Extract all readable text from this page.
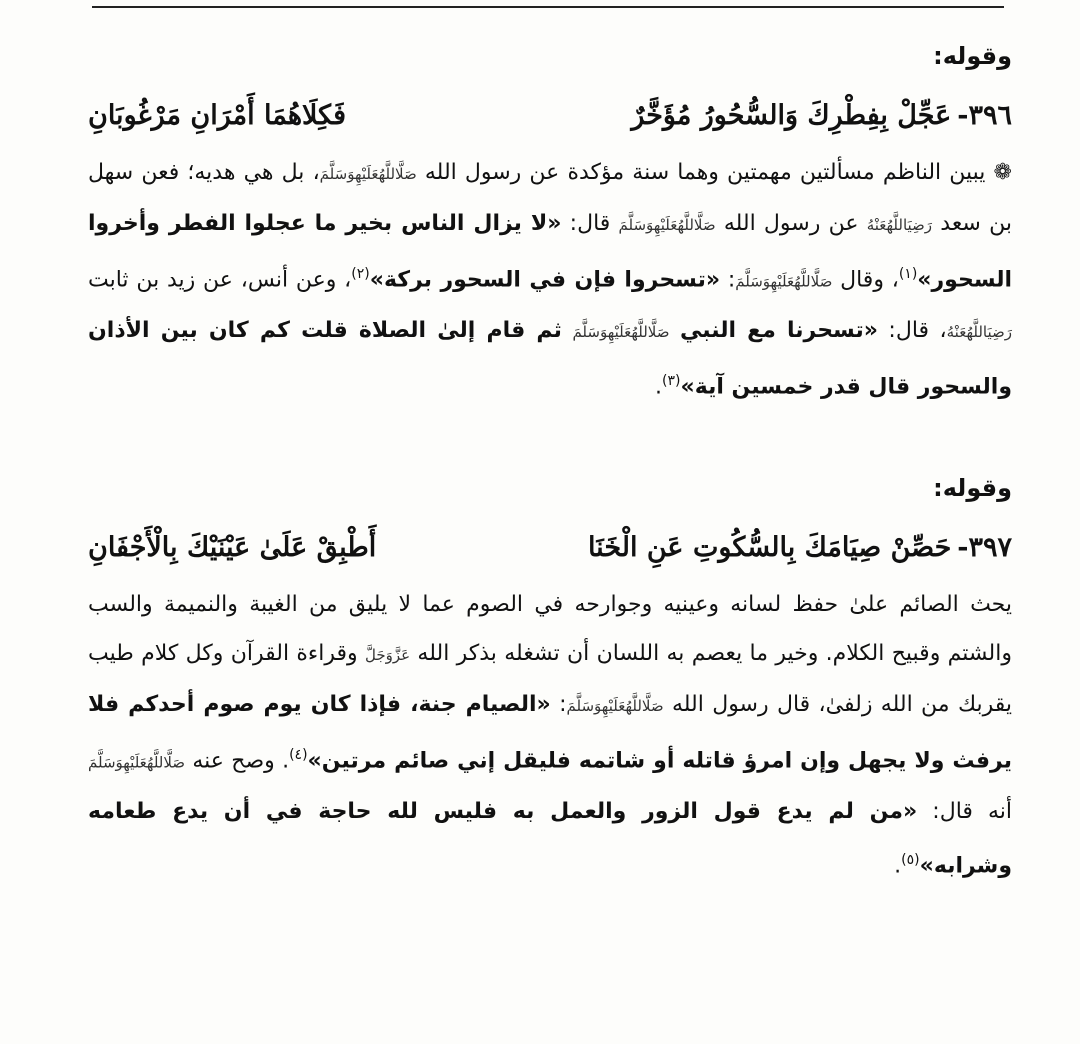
وقوله:
٣٩٦-عَجِّلْ بِفِطْرِكَ وَالسُّحُورُ مُؤَخَّرٌ
فَكِلَاهُمَا أَمْرَانِ مَرْغُوبَانِ

❁ يبين الناظم مسألتين مهمتين وهما سنة مؤكدة عن رسول الله صَلَّاللَّهُعَلَيْهِوَسَلَّمَ، بل هي هديه؛ فعن سهل بن سعد رَضِيَاللَّهُعَنْهُ عن رسول الله صَلَّاللَّهُعَلَيْهِوَسَلَّمَ قال: «لا يزال الناس بخير ما عجلوا الفطر وأخروا السحور»$^{(١)}$، وقال صَلَّاللَّهُعَلَيْهِوَسَلَّمَ: «تسحروا فإن في السحور بركة»$^{(٢)}$، وعن أنس، عن زيد بن ثابت رَضِيَاللَّهُعَنْهُ، قال: «تسحرنا مع النبي صَلَّاللَّهُعَلَيْهِوَسَلَّمَ ثم قام إلىٰ الصلاة قلت كم كان بين الأذان والسحور قال قدر خمسين آية»$^{(٣)}$.

وقوله:
٣٩٧-حَصِّنْ صِيَامَكَ بِالسُّكُوتِ عَنِ الْخَنَا
أَطْبِقْ عَلَىٰ عَيْنَيْكَ بِالْأَجْفَانِ

يحث الصائم علىٰ حفظ لسانه وعينيه وجوارحه في الصوم عما لا يليق من الغيبة والنميمة والسب والشتم وقبيح الكلام. وخير ما يعصم به اللسان أن تشغله بذكر الله عَزَّوَجَلَّ وقراءة القرآن وكل كلام طيب يقربك من الله زلفىٰ، قال رسول الله صَلَّاللَّهُعَلَيْهِوَسَلَّمَ: «الصيام جنة، فإذا كان يوم صوم أحدكم فلا يرفث ولا يجهل وإن امرؤ قاتله أو شاتمه فليقل إني صائم مرتين»$^{(٤)}$. وصح عنه صَلَّاللَّهُعَلَيْهِوَسَلَّمَ أنه قال: «من لم يدع قول الزور والعمل به فليس لله حاجة في أن يدع طعامه وشرابه»$^{(٥)}$.
